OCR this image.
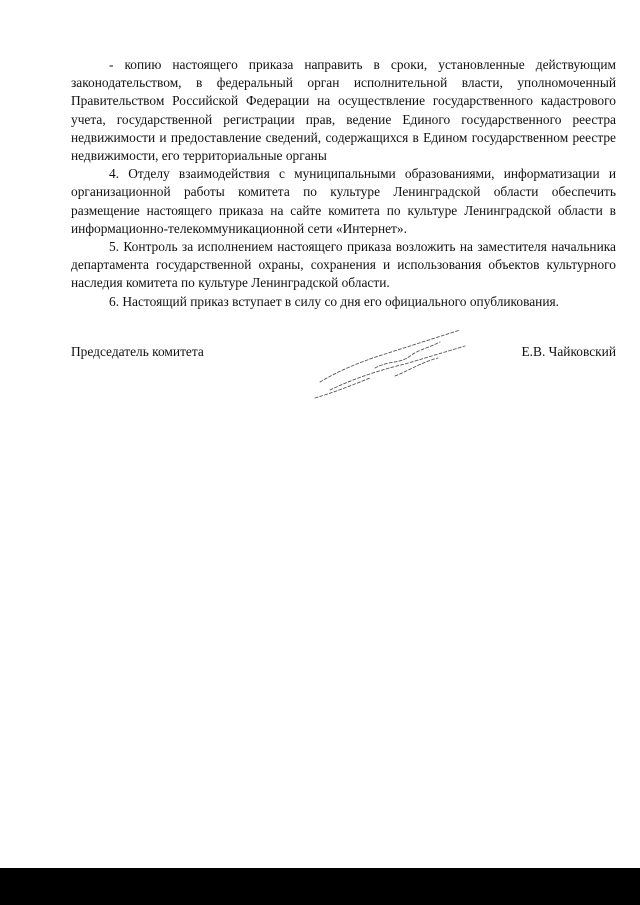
- копию настоящего приказа направить в сроки, установленные действующим законодательством, в федеральный орган исполнительной власти, уполномоченный Правительством Российской Федерации на осуществление государственного кадастрового учета, государственной регистрации прав, ведение Единого государственного реестра недвижимости и предоставление сведений, содержащихся в Едином государственном реестре недвижимости, его территориальные органы

4. Отделу взаимодействия с муниципальными образованиями, информатизации и организационной работы комитета по культуре Ленинградской области обеспечить размещение настоящего приказа на сайте комитета по культуре Ленинградской области в информационно-телекоммуникационной сети «Интернет».

5. Контроль за исполнением настоящего приказа возложить на заместителя начальника департамента государственной охраны, сохранения и использования объектов культурного наследия комитета по культуре Ленинградской области.

6. Настоящий приказ вступает в силу со дня его официального опубликования.

Председатель комитета	Е.В. Чайковский
